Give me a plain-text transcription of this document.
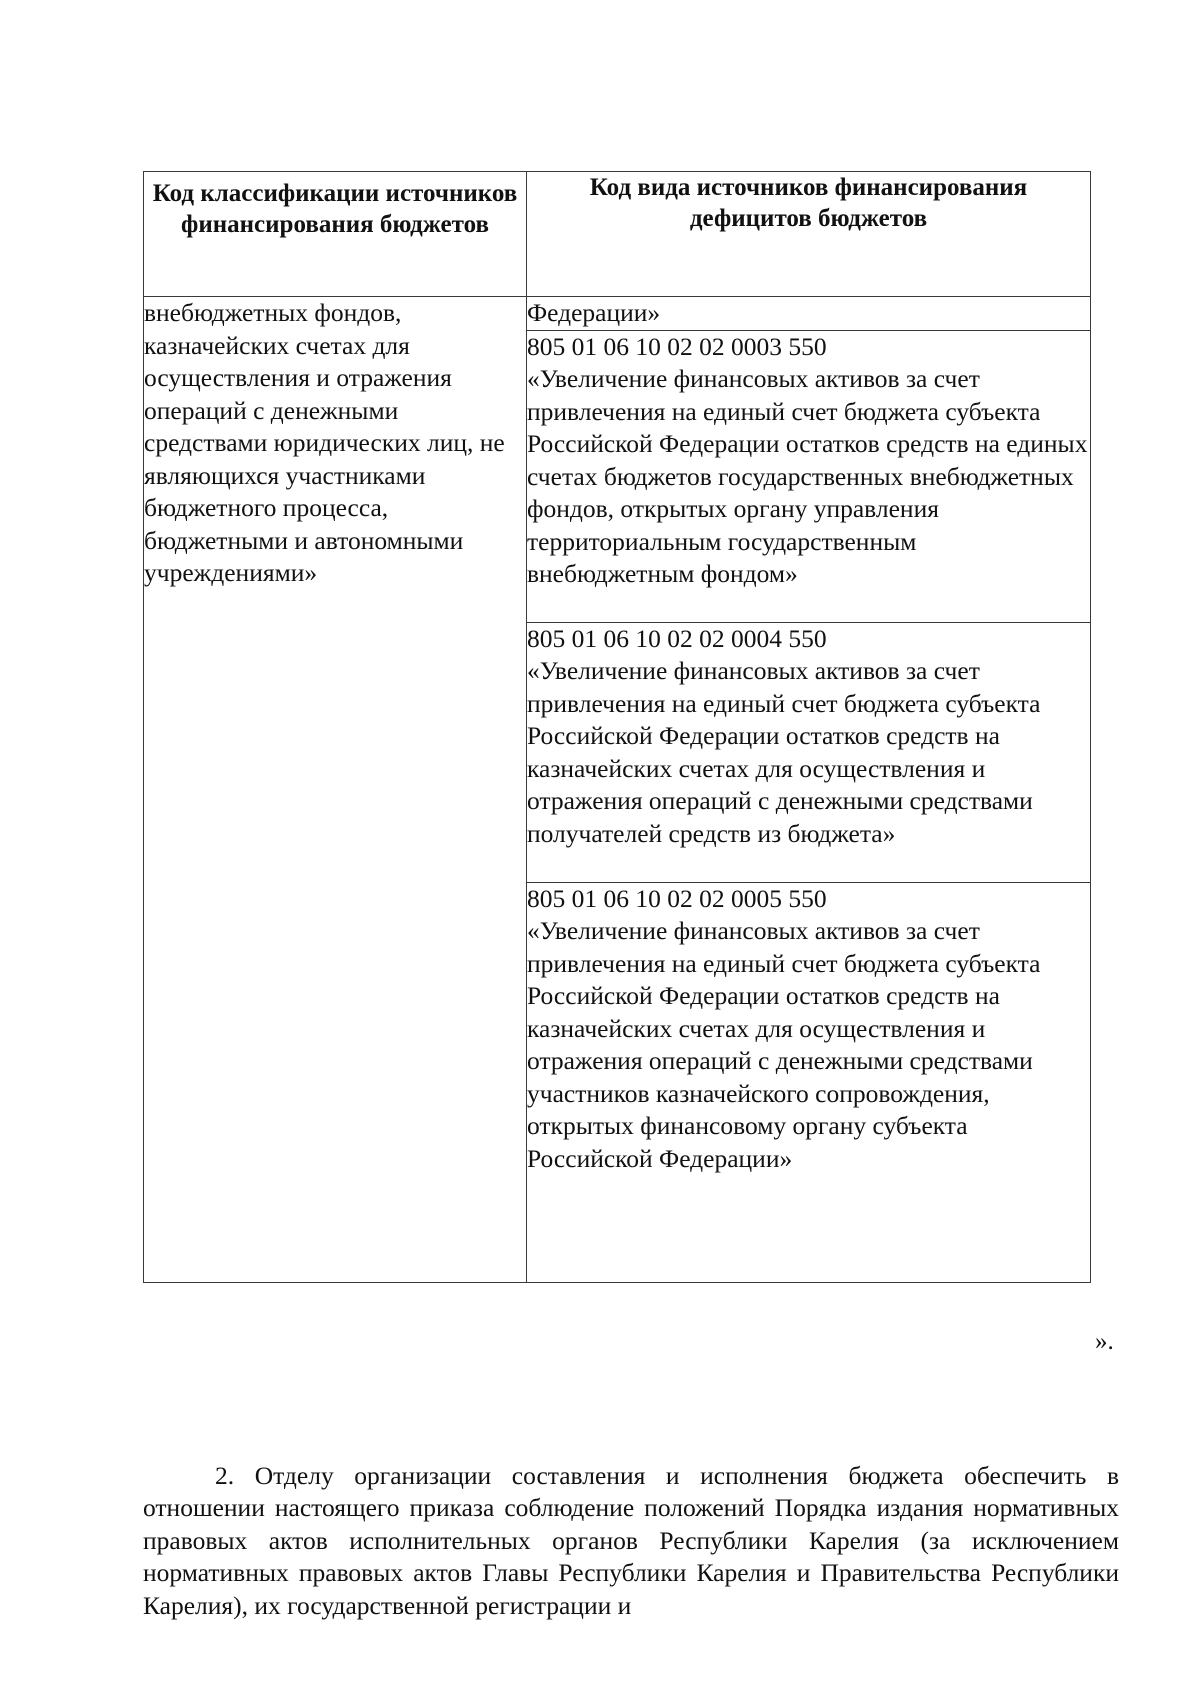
Код классификации источников финансирования бюджетов	Код вида источников финансирования дефицитов бюджетов
внебюджетных фондов, казначейских счетах для осуществления и отражения операций с денежными средствами юридических лиц, не являющихся участниками бюджетного процесса, бюджетными и автономными учреждениями»	Федерации»

	805 01 06 10 02 02 0003 550
«Увеличение финансовых активов за счет привлечения на единый счет бюджета субъекта Российской Федерации остатков средств на единых счетах бюджетов государственных внебюджетных фондов, открытых органу управления территориальным государственным внебюджетным фондом»

	805 01 06 10 02 02 0004 550
«Увеличение финансовых активов за счет привлечения на единый счет бюджета субъекта Российской Федерации остатков средств на казначейских счетах для осуществления и отражения операций с денежными средствами получателей средств из бюджета»

	805 01 06 10 02 02 0005 550
«Увеличение финансовых активов за счет привлечения на единый счет бюджета субъекта Российской Федерации остатков средств на казначейских счетах для осуществления и отражения операций с денежными средствами участников казначейского сопровождения, открытых финансовому органу субъекта Российской Федерации»
».

2. Отделу организации составления и исполнения бюджета обеспечить в отношении настоящего приказа соблюдение положений Порядка издания нормативных правовых актов исполнительных органов Республики Карелия (за исключением нормативных правовых актов Главы Республики Карелия и Правительства Республики Карелия), их государственной регистрации и
